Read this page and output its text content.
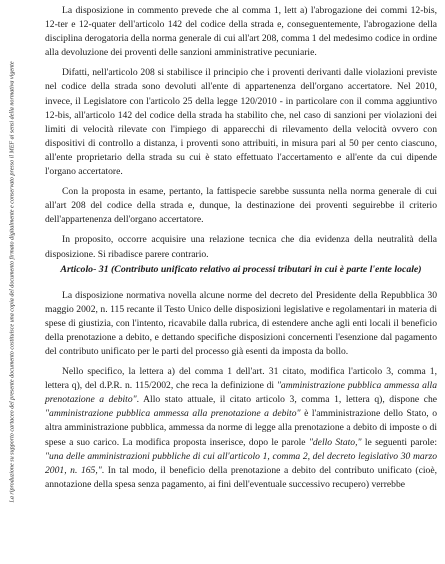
La riproduzione su supporto cartaceo del presente documento costituisce una copia del documento firmato digitalmente e conservato presso il MEF ai sensi della normativa vigente

La disposizione in commento prevede che al comma 1, lett a) l'abrogazione dei commi 12-bis, 12-ter e 12-quater dell'articolo 142 del codice della strada e, conseguentemente, l'abrogazione della disciplina derogatoria della norma generale di cui all'art 208, comma 1 del medesimo codice in ordine alla devoluzione dei proventi delle sanzioni amministrative pecuniarie.

Difatti, nell'articolo 208 si stabilisce il principio che i proventi derivanti dalle violazioni previste nel codice della strada sono devoluti all'ente di appartenenza dell'organo accertatore. Nel 2010, invece, il Legislatore con l'articolo 25 della legge 120/2010 - in particolare con il comma aggiuntivo 12-bis, all'articolo 142 del codice della strada ha stabilito che, nel caso di sanzioni per violazioni dei limiti di velocità rilevate con l'impiego di apparecchi di rilevamento della velocità ovvero con dispositivi di controllo a distanza, i proventi sono attribuiti, in misura pari al 50 per cento ciascuno, all'ente proprietario della strada su cui è stato effettuato l'accertamento e all'ente da cui dipende l'organo accertatore.

Con la proposta in esame, pertanto, la fattispecie sarebbe sussunta nella norma generale di cui all'art 208 del codice della strada e, dunque, la destinazione dei proventi seguirebbe il criterio dell'appartenenza dell'organo accertatore.

In proposito, occorre acquisire una relazione tecnica che dia evidenza della neutralità della disposizione. Si ribadisce parere contrario.

Articolo- 31 (Contributo unificato relativo ai processi tributari in cui è parte l'ente locale)

La disposizione normativa novella alcune norme del decreto del Presidente della Repubblica 30 maggio 2002, n. 115 recante il Testo Unico delle disposizioni legislative e regolamentari in materia di spese di giustizia, con l'intento, ricavabile dalla rubrica, di estendere anche agli enti locali il beneficio della prenotazione a debito, e dettando specifiche disposizioni concernenti l'esenzione dal pagamento del contributo unificato per le parti del processo già esenti da imposta da bollo.

Nello specifico, la lettera a) del comma 1 dell'art. 31 citato, modifica l'articolo 3, comma 1, lettera q), del d.P.R. n. 115/2002, che reca la definizione di "amministrazione pubblica ammessa alla prenotazione a debito". Allo stato attuale, il citato articolo 3, comma 1, lettera q), dispone che "amministrazione pubblica ammessa alla prenotazione a debito" è l'amministrazione dello Stato, o altra amministrazione pubblica, ammessa da norme di legge alla prenotazione a debito di imposte o di spese a suo carico. La modifica proposta inserisce, dopo le parole "dello Stato," le seguenti parole: "una delle amministrazioni pubbliche di cui all'articolo 1, comma 2, del decreto legislativo 30 marzo 2001, n. 165,". In tal modo, il beneficio della prenotazione a debito del contributo unificato (cioè, annotazione della spesa senza pagamento, ai fini dell'eventuale successivo recupero) verrebbe
